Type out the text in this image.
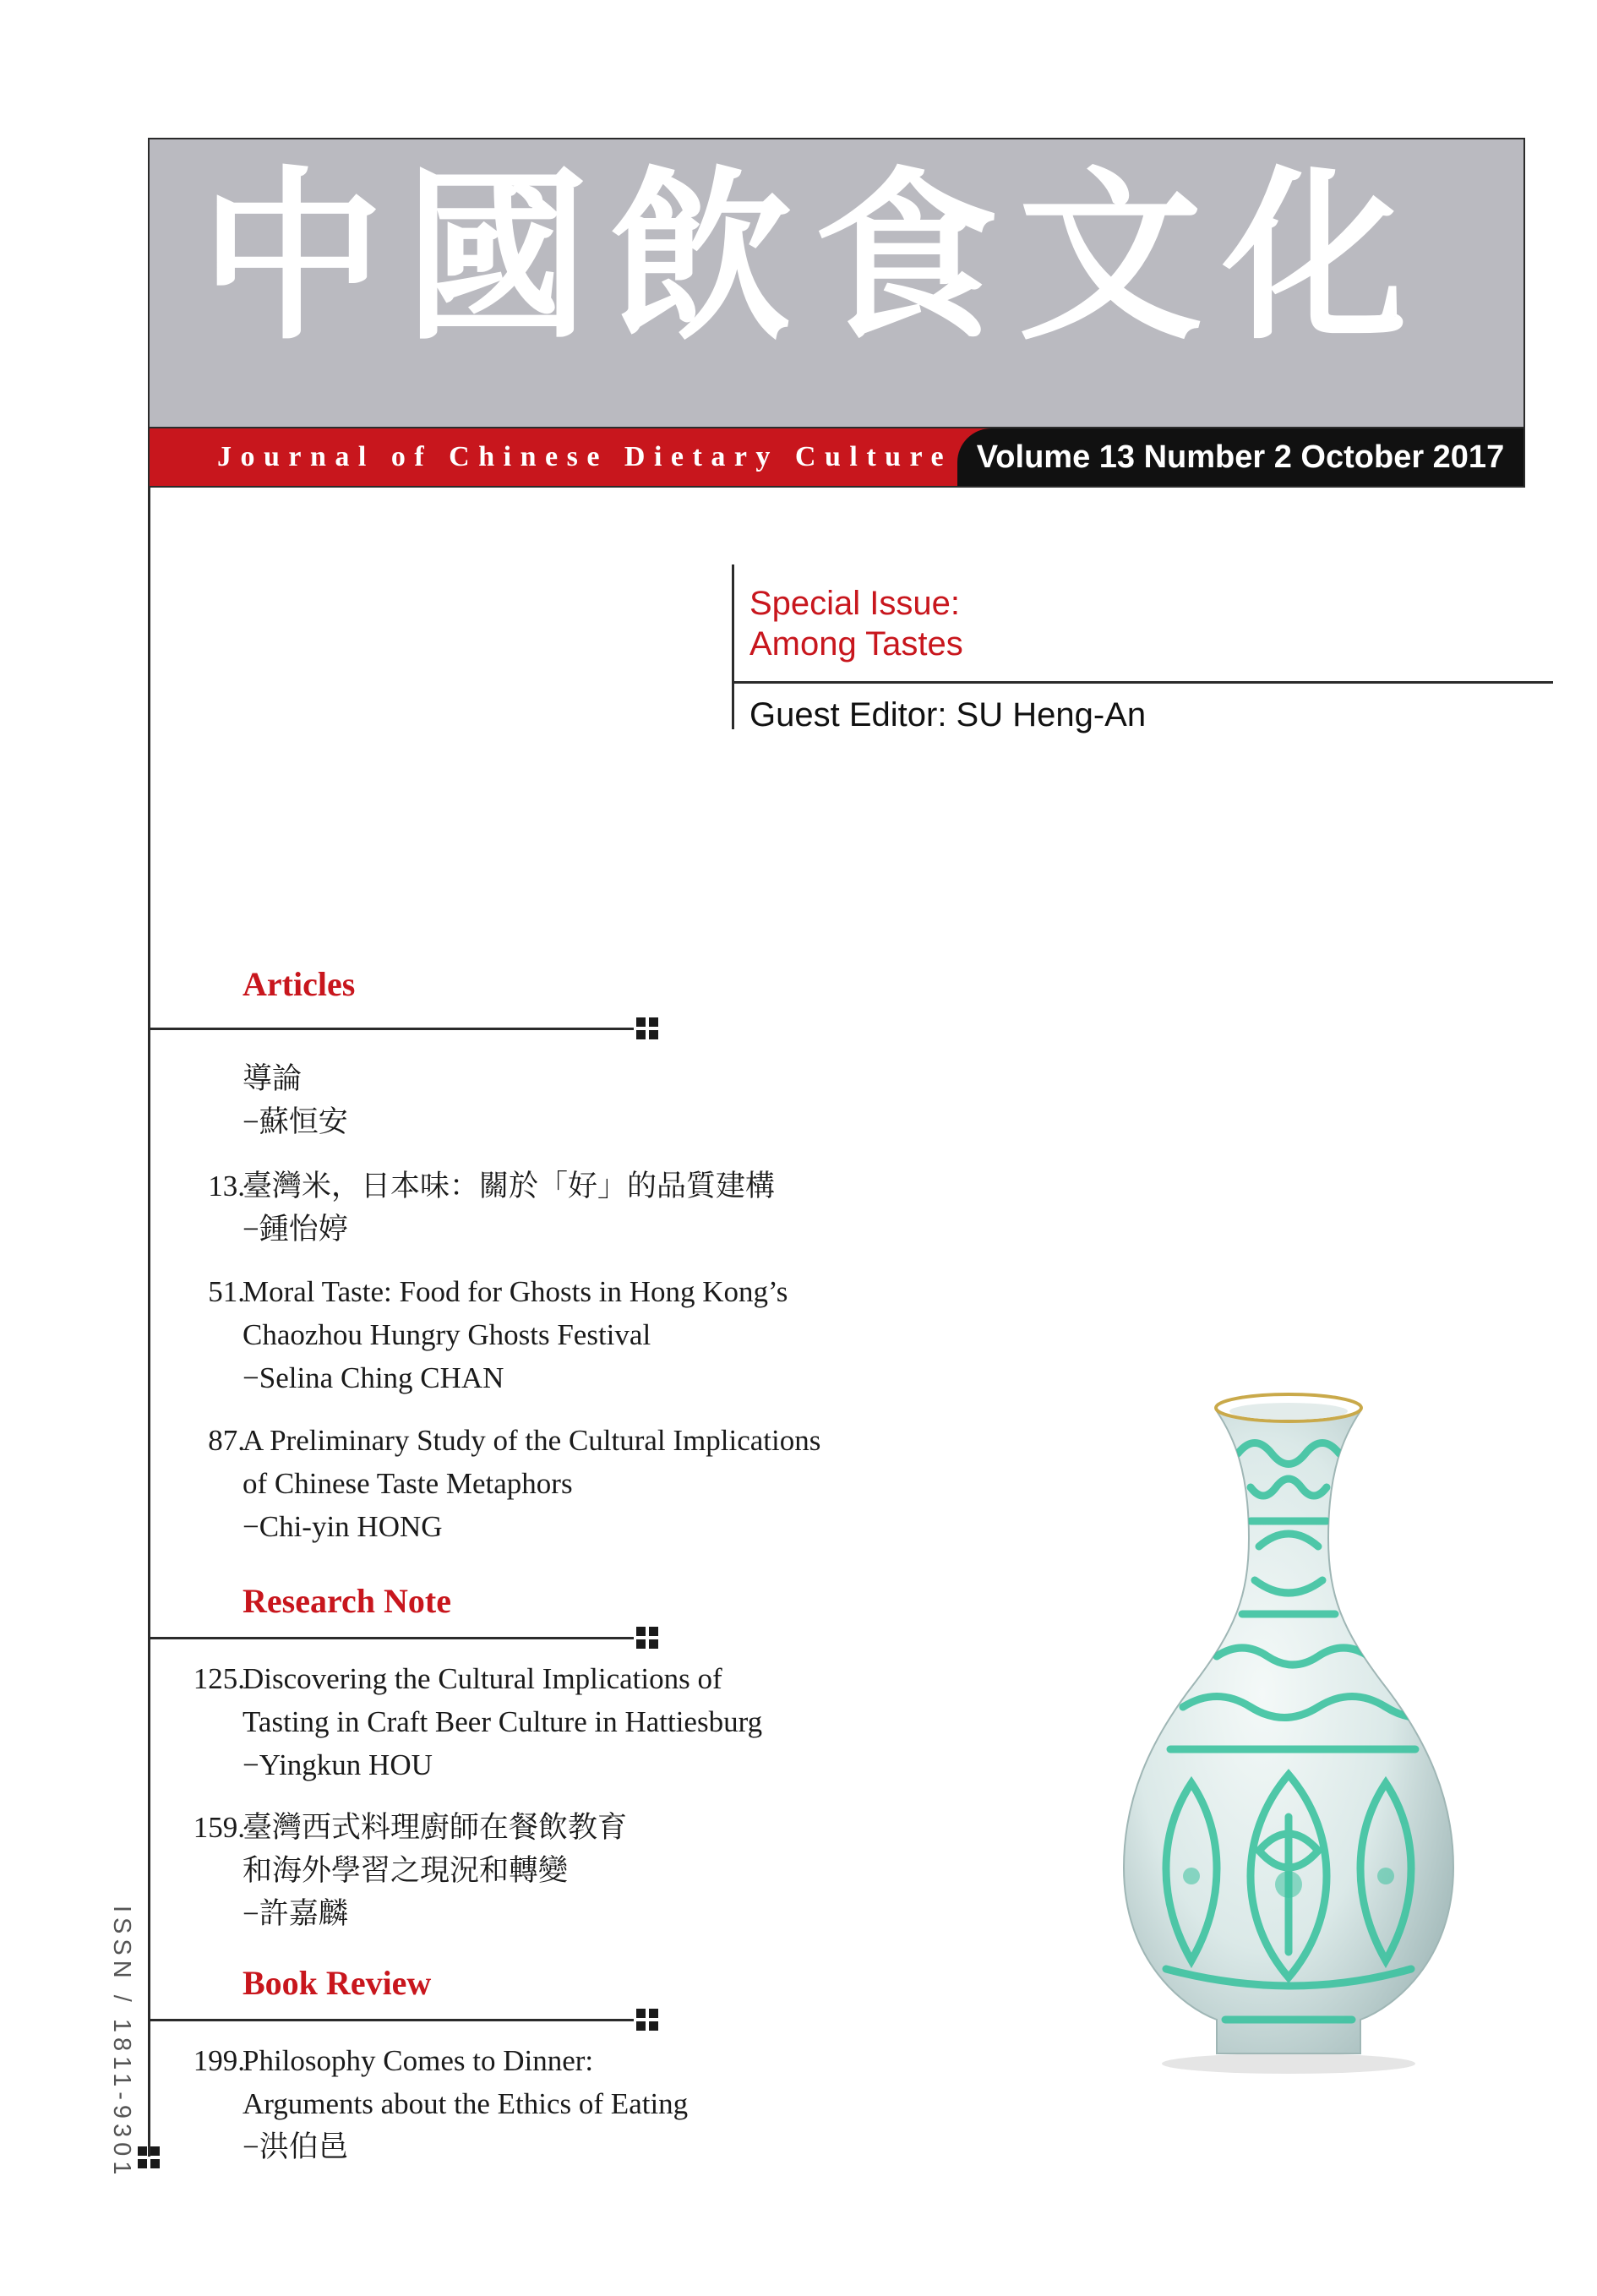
中國飲食文化
Journal of Chinese Dietary Culture Volume 13 Number 2 October 2017
Special Issue:
Among Tastes
Guest Editor: SU Heng-An
Articles
導論
−蘇恒安
13.
臺灣米，日本味：關於「好」的品質建構
−鍾怡婷
51.
Moral Taste: Food for Ghosts in Hong Kong’s
Chaozhou Hungry Ghosts Festival
−Selina Ching CHAN
87.
A Preliminary Study of the Cultural Implications
of Chinese Taste Metaphors
−Chi-yin HONG
Research Note
125.
Discovering the Cultural Implications of
Tasting in Craft Beer Culture in Hattiesburg
−Yingkun HOU
159.
臺灣西式料理廚師在餐飲教育
和海外學習之現況和轉變
−許嘉麟
Book Review
199.
Philosophy Comes to Dinner:
Arguments about the Ethics of Eating
−洪伯邑
ISSN / 1811-9301
